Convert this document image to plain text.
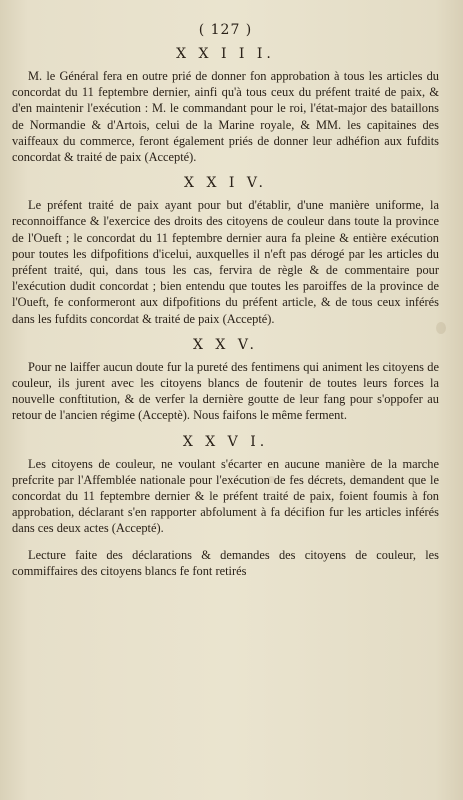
( 127 )
X X I I I.

M. le Général fera en outre prié de donner fon approbation à tous les articles du concordat du 11 feptembre dernier, ainfi qu'à tous ceux du préfent traité de paix, & d'en maintenir l'exécution : M. le commandant pour le roi, l'état-major des bataillons de Normandie & d'Artois, celui de la Marine royale, & MM. les capitaines des vaiffeaux du commerce, feront également priés de donner leur adhéfion aux fufdits concordat & traité de paix (Accepté).

X X I V.

Le préfent traité de paix ayant pour but d'établir, d'une manière uniforme, la reconnoiffance & l'exercice des droits des citoyens de couleur dans toute la province de l'Oueft ; le concordat du 11 feptembre dernier aura fa pleine & entière exécution pour toutes les difpofitions d'icelui, auxquelles il n'eft pas dérogé par les articles du préfent traité, qui, dans tous les cas, fervira de règle & de commentaire pour l'exécution dudit concordat ; bien entendu que toutes les paroiffes de la province de l'Oueft, fe conformeront aux difpofitions du préfent article, & de tous ceux inférés dans les fufdits concordat & traité de paix (Accepté).

X X V.

Pour ne laiffer aucun doute fur la pureté des fentimens qui animent les citoyens de couleur, ils jurent avec les citoyens blancs de foutenir de toutes leurs forces la nouvelle conftitution, & de verfer la dernière goutte de leur fang pour s'oppofer au retour de l'ancien régime (Acceptè). Nous faifons le même ferment.

X X V I.

Les citoyens de couleur, ne voulant s'écarter en aucune manière de la marche prefcrite par l'Affemblée nationale pour l'exécution de fes décrets, demandent que le concordat du 11 feptembre dernier & le préfent traité de paix, foient foumis à fon approbation, déclarant s'en rapporter abfolument à fa décifion fur les articles inférés dans ces deux actes (Accepté).

Lecture faite des déclarations & demandes des citoyens de couleur, les commiffaires des citoyens blancs fe font retirés
